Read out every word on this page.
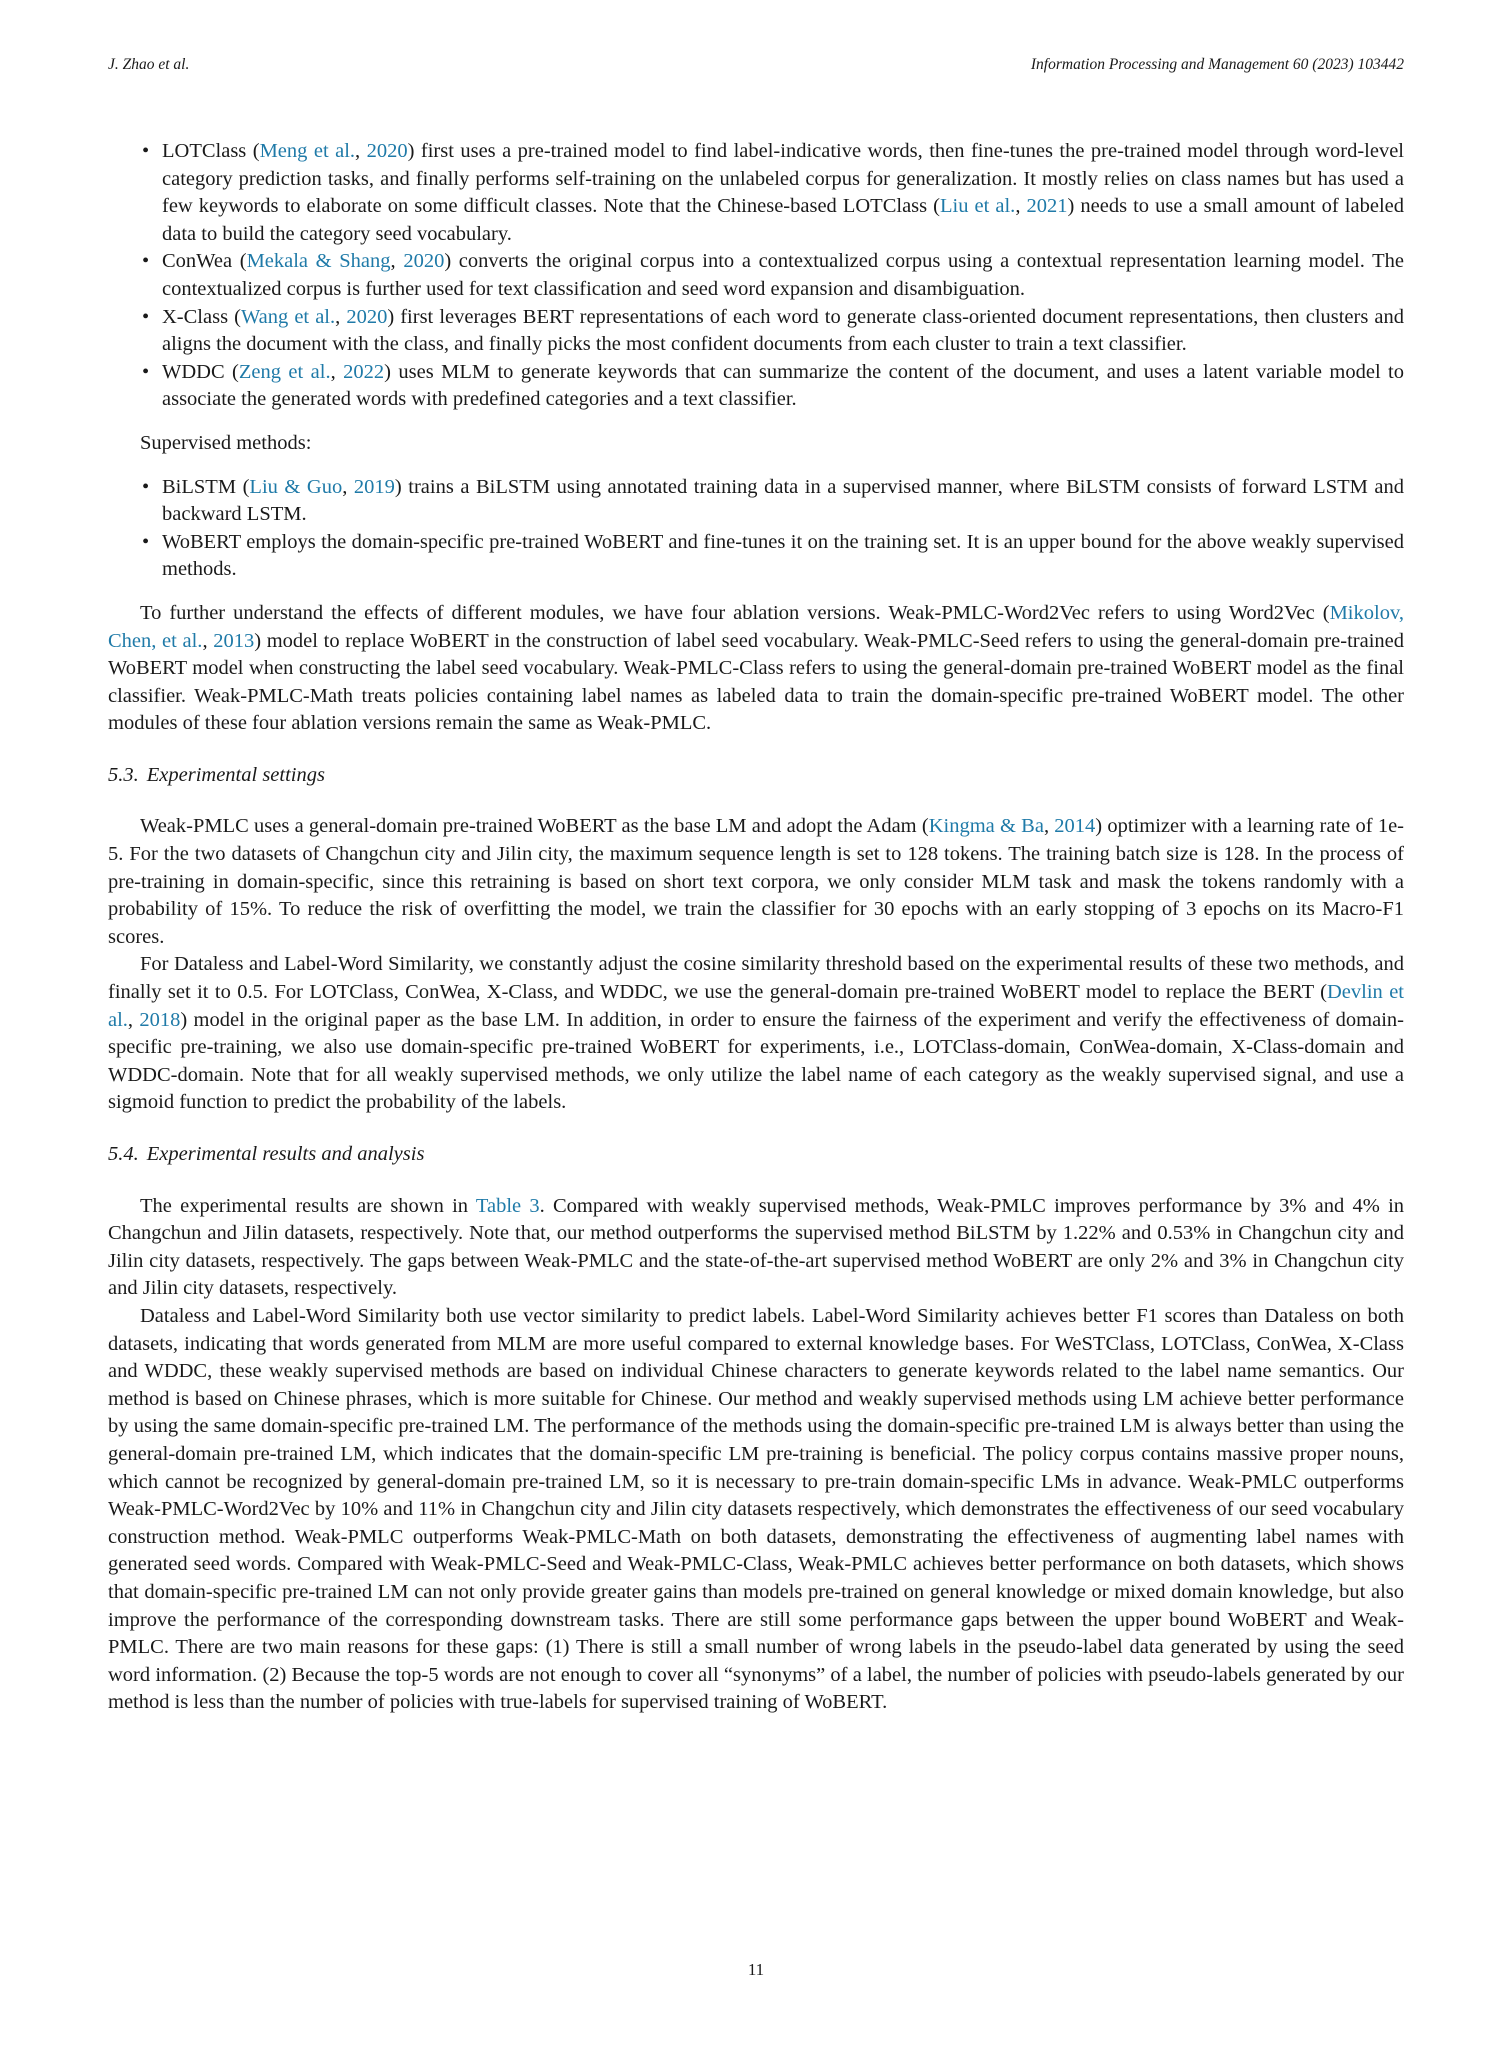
J. Zhao et al.	Information Processing and Management 60 (2023) 103442
• LOTClass (Meng et al., 2020) first uses a pre-trained model to find label-indicative words, then fine-tunes the pre-trained model through word-level category prediction tasks, and finally performs self-training on the unlabeled corpus for generalization. It mostly relies on class names but has used a few keywords to elaborate on some difficult classes. Note that the Chinese-based LOTClass (Liu et al., 2021) needs to use a small amount of labeled data to build the category seed vocabulary.
• ConWea (Mekala & Shang, 2020) converts the original corpus into a contextualized corpus using a contextual representation learning model. The contextualized corpus is further used for text classification and seed word expansion and disambiguation.
• X-Class (Wang et al., 2020) first leverages BERT representations of each word to generate class-oriented document representations, then clusters and aligns the document with the class, and finally picks the most confident documents from each cluster to train a text classifier.
• WDDC (Zeng et al., 2022) uses MLM to generate keywords that can summarize the content of the document, and uses a latent variable model to associate the generated words with predefined categories and a text classifier.
Supervised methods:
• BiLSTM (Liu & Guo, 2019) trains a BiLSTM using annotated training data in a supervised manner, where BiLSTM consists of forward LSTM and backward LSTM.
• WoBERT employs the domain-specific pre-trained WoBERT and fine-tunes it on the training set. It is an upper bound for the above weakly supervised methods.

To further understand the effects of different modules, we have four ablation versions. Weak-PMLC-Word2Vec refers to using Word2Vec (Mikolov, Chen, et al., 2013) model to replace WoBERT in the construction of label seed vocabulary. Weak-PMLC-Seed refers to using the general-domain pre-trained WoBERT model when constructing the label seed vocabulary. Weak-PMLC-Class refers to using the general-domain pre-trained WoBERT model as the final classifier. Weak-PMLC-Math treats policies containing label names as labeled data to train the domain-specific pre-trained WoBERT model. The other modules of these four ablation versions remain the same as Weak-PMLC.

5.3. Experimental settings

Weak-PMLC uses a general-domain pre-trained WoBERT as the base LM and adopt the Adam (Kingma & Ba, 2014) optimizer with a learning rate of 1e-5. For the two datasets of Changchun city and Jilin city, the maximum sequence length is set to 128 tokens. The training batch size is 128. In the process of pre-training in domain-specific, since this retraining is based on short text corpora, we only consider MLM task and mask the tokens randomly with a probability of 15%. To reduce the risk of overfitting the model, we train the classifier for 30 epochs with an early stopping of 3 epochs on its Macro-F1 scores.

For Dataless and Label-Word Similarity, we constantly adjust the cosine similarity threshold based on the experimental results of these two methods, and finally set it to 0.5. For LOTClass, ConWea, X-Class, and WDDC, we use the general-domain pre-trained WoBERT model to replace the BERT (Devlin et al., 2018) model in the original paper as the base LM. In addition, in order to ensure the fairness of the experiment and verify the effectiveness of domain-specific pre-training, we also use domain-specific pre-trained WoBERT for experiments, i.e., LOTClass-domain, ConWea-domain, X-Class-domain and WDDC-domain. Note that for all weakly supervised methods, we only utilize the label name of each category as the weakly supervised signal, and use a sigmoid function to predict the probability of the labels.

5.4. Experimental results and analysis

The experimental results are shown in Table 3. Compared with weakly supervised methods, Weak-PMLC improves performance by 3% and 4% in Changchun and Jilin datasets, respectively. Note that, our method outperforms the supervised method BiLSTM by 1.22% and 0.53% in Changchun city and Jilin city datasets, respectively. The gaps between Weak-PMLC and the state-of-the-art supervised method WoBERT are only 2% and 3% in Changchun city and Jilin city datasets, respectively.

Dataless and Label-Word Similarity both use vector similarity to predict labels. Label-Word Similarity achieves better F1 scores than Dataless on both datasets, indicating that words generated from MLM are more useful compared to external knowledge bases. For WeSTClass, LOTClass, ConWea, X-Class and WDDC, these weakly supervised methods are based on individual Chinese characters to generate keywords related to the label name semantics. Our method is based on Chinese phrases, which is more suitable for Chinese. Our method and weakly supervised methods using LM achieve better performance by using the same domain-specific pre-trained LM. The performance of the methods using the domain-specific pre-trained LM is always better than using the general-domain pre-trained LM, which indicates that the domain-specific LM pre-training is beneficial. The policy corpus contains massive proper nouns, which cannot be recognized by general-domain pre-trained LM, so it is necessary to pre-train domain-specific LMs in advance. Weak-PMLC outperforms Weak-PMLC-Word2Vec by 10% and 11% in Changchun city and Jilin city datasets respectively, which demonstrates the effectiveness of our seed vocabulary construction method. Weak-PMLC outperforms Weak-PMLC-Math on both datasets, demonstrating the effectiveness of augmenting label names with generated seed words. Compared with Weak-PMLC-Seed and Weak-PMLC-Class, Weak-PMLC achieves better performance on both datasets, which shows that domain-specific pre-trained LM can not only provide greater gains than models pre-trained on general knowledge or mixed domain knowledge, but also improve the performance of the corresponding downstream tasks. There are still some performance gaps between the upper bound WoBERT and Weak-PMLC. There are two main reasons for these gaps: (1) There is still a small number of wrong labels in the pseudo-label data generated by using the seed word information. (2) Because the top-5 words are not enough to cover all “synonyms” of a label, the number of policies with pseudo-labels generated by our method is less than the number of policies with true-labels for supervised training of WoBERT.

11
